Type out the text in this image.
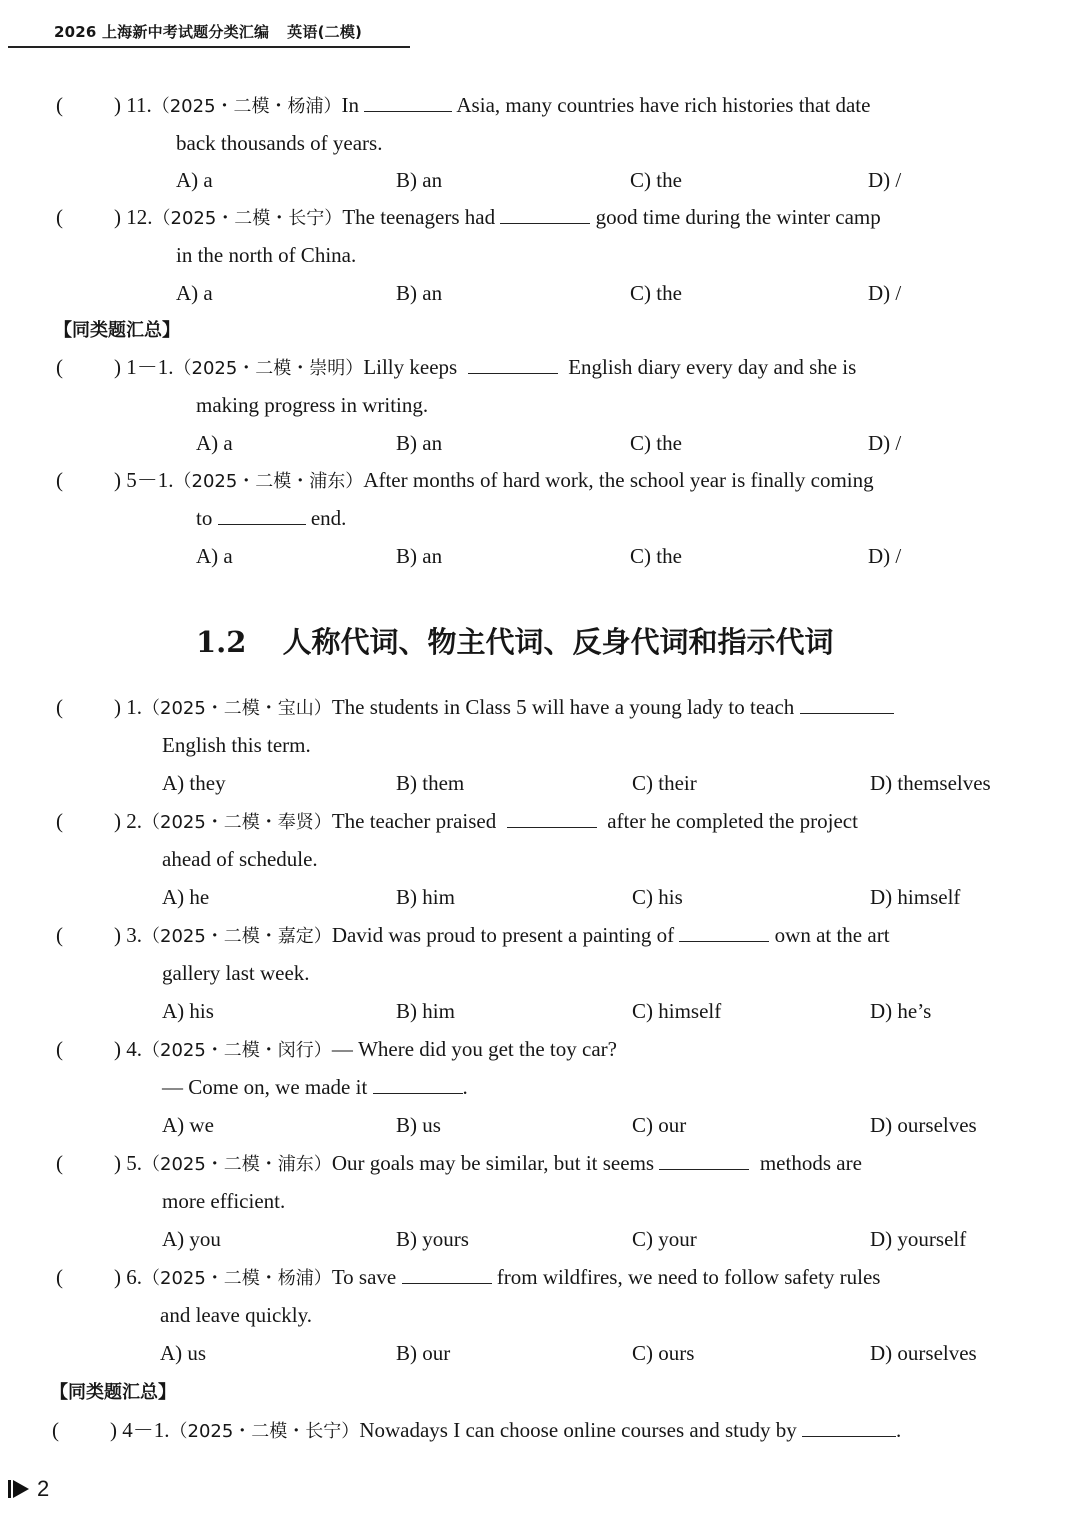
2026 上海新中考试题分类汇编 英语(二模)
( ) 11.（2025・二模・杨浦）In	Asia, many countries have rich histories that date
back thousands of years.
A) a	B) an	C) the	D) /
( ) 12.（2025・二模・长宁）The teenagers had	good time during the winter camp
in the north of China.
A) a	B) an	C) the	D) /
【同类题汇总】
( ) 1－1.（2025・二模・崇明）Lilly keeps	English diary every day and she is
making progress in writing.
A) a	B) an	C) the	D) /
( ) 5－1.（2025・二模・浦东）After months of hard work, the school year is finally coming
to	end.
A) a	B) an	C) the	D) /
1.2 人称代词、物主代词、反身代词和指示代词
( ) 1.（2025・二模・宝山）The students in Class 5 will have a young lady to teach
English this term.
A) they	B) them	C) their	D) themselves
( ) 2.（2025・二模・奉贤）The teacher praised	after he completed the project
ahead of schedule.
A) he	B) him	C) his	D) himself
( ) 3.（2025・二模・嘉定）David was proud to present a painting of	own at the art
gallery last week.
A) his	B) him	C) himself	D) he’s
( ) 4.（2025・二模・闵行）— Where did you get the toy car?
— Come on, we made it	.
A) we	B) us	C) our	D) ourselves
( ) 5.（2025・二模・浦东）Our goals may be similar, but it seems	methods are
more efficient.
A) you	B) yours	C) your	D) yourself
( ) 6.（2025・二模・杨浦）To save	from wildfires, we need to follow safety rules
and leave quickly.
A) us	B) our	C) ours	D) ourselves
【同类题汇总】
( ) 4－1.（2025・二模・长宁）Nowadays I can choose online courses and study by	.
2
